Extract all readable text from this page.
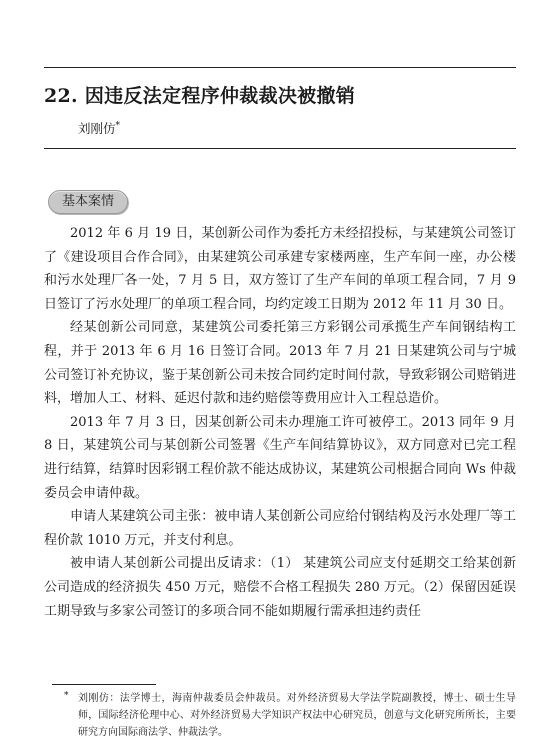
22. 因违反法定程序仲裁裁决被撤销
刘刚仿*
基本案情

2012 年 6 月 19 日，某创新公司作为委托方未经招投标，与某建筑公司签订了《建设项目合作合同》，由某建筑公司承建专家楼两座，生产车间一座，办公楼和污水处理厂各一处，7 月 5 日，双方签订了生产车间的单项工程合同，7 月 9 日签订了污水处理厂的单项工程合同，均约定竣工日期为 2012 年 11 月 30 日。

经某创新公司同意，某建筑公司委托第三方彩钢公司承揽生产车间钢结构工程，并于 2013 年 6 月 16 日签订合同。2013 年 7 月 21 日某建筑公司与宁城公司签订补充协议，鉴于某创新公司未按合同约定时间付款，导致彩钢公司赔销进料，增加人工、材料、延迟付款和违约赔偿等费用应计入工程总造价。

2013 年 7 月 3 日，因某创新公司未办理施工许可被停工。2013 同年 9 月 8 日，某建筑公司与某创新公司签署《生产车间结算协议》，双方同意对已完工程进行结算，结算时因彩钢工程价款不能达成协议，某建筑公司根据合同向 Ws 仲裁委员会申请仲裁。

申请人某建筑公司主张：被申请人某创新公司应给付钢结构及污水处理厂等工程价款 1010 万元，并支付利息。

被申请人某创新公司提出反请求：（1） 某建筑公司应支付延期交工给某创新公司造成的经济损失 450 万元，赔偿不合格工程损失 280 万元。（2）保留因延误工期导致与多家公司签订的多项合同不能如期履行需承担违约责任

* 刘刚仿：法学博士，海南仲裁委员会仲裁员。对外经济贸易大学法学院副教授，博士、硕士生导师，国际经济伦理中心、对外经济贸易大学知识产权法中心研究员，创意与文化研究所所长，主要研究方向国际商法学、仲裁法学。
